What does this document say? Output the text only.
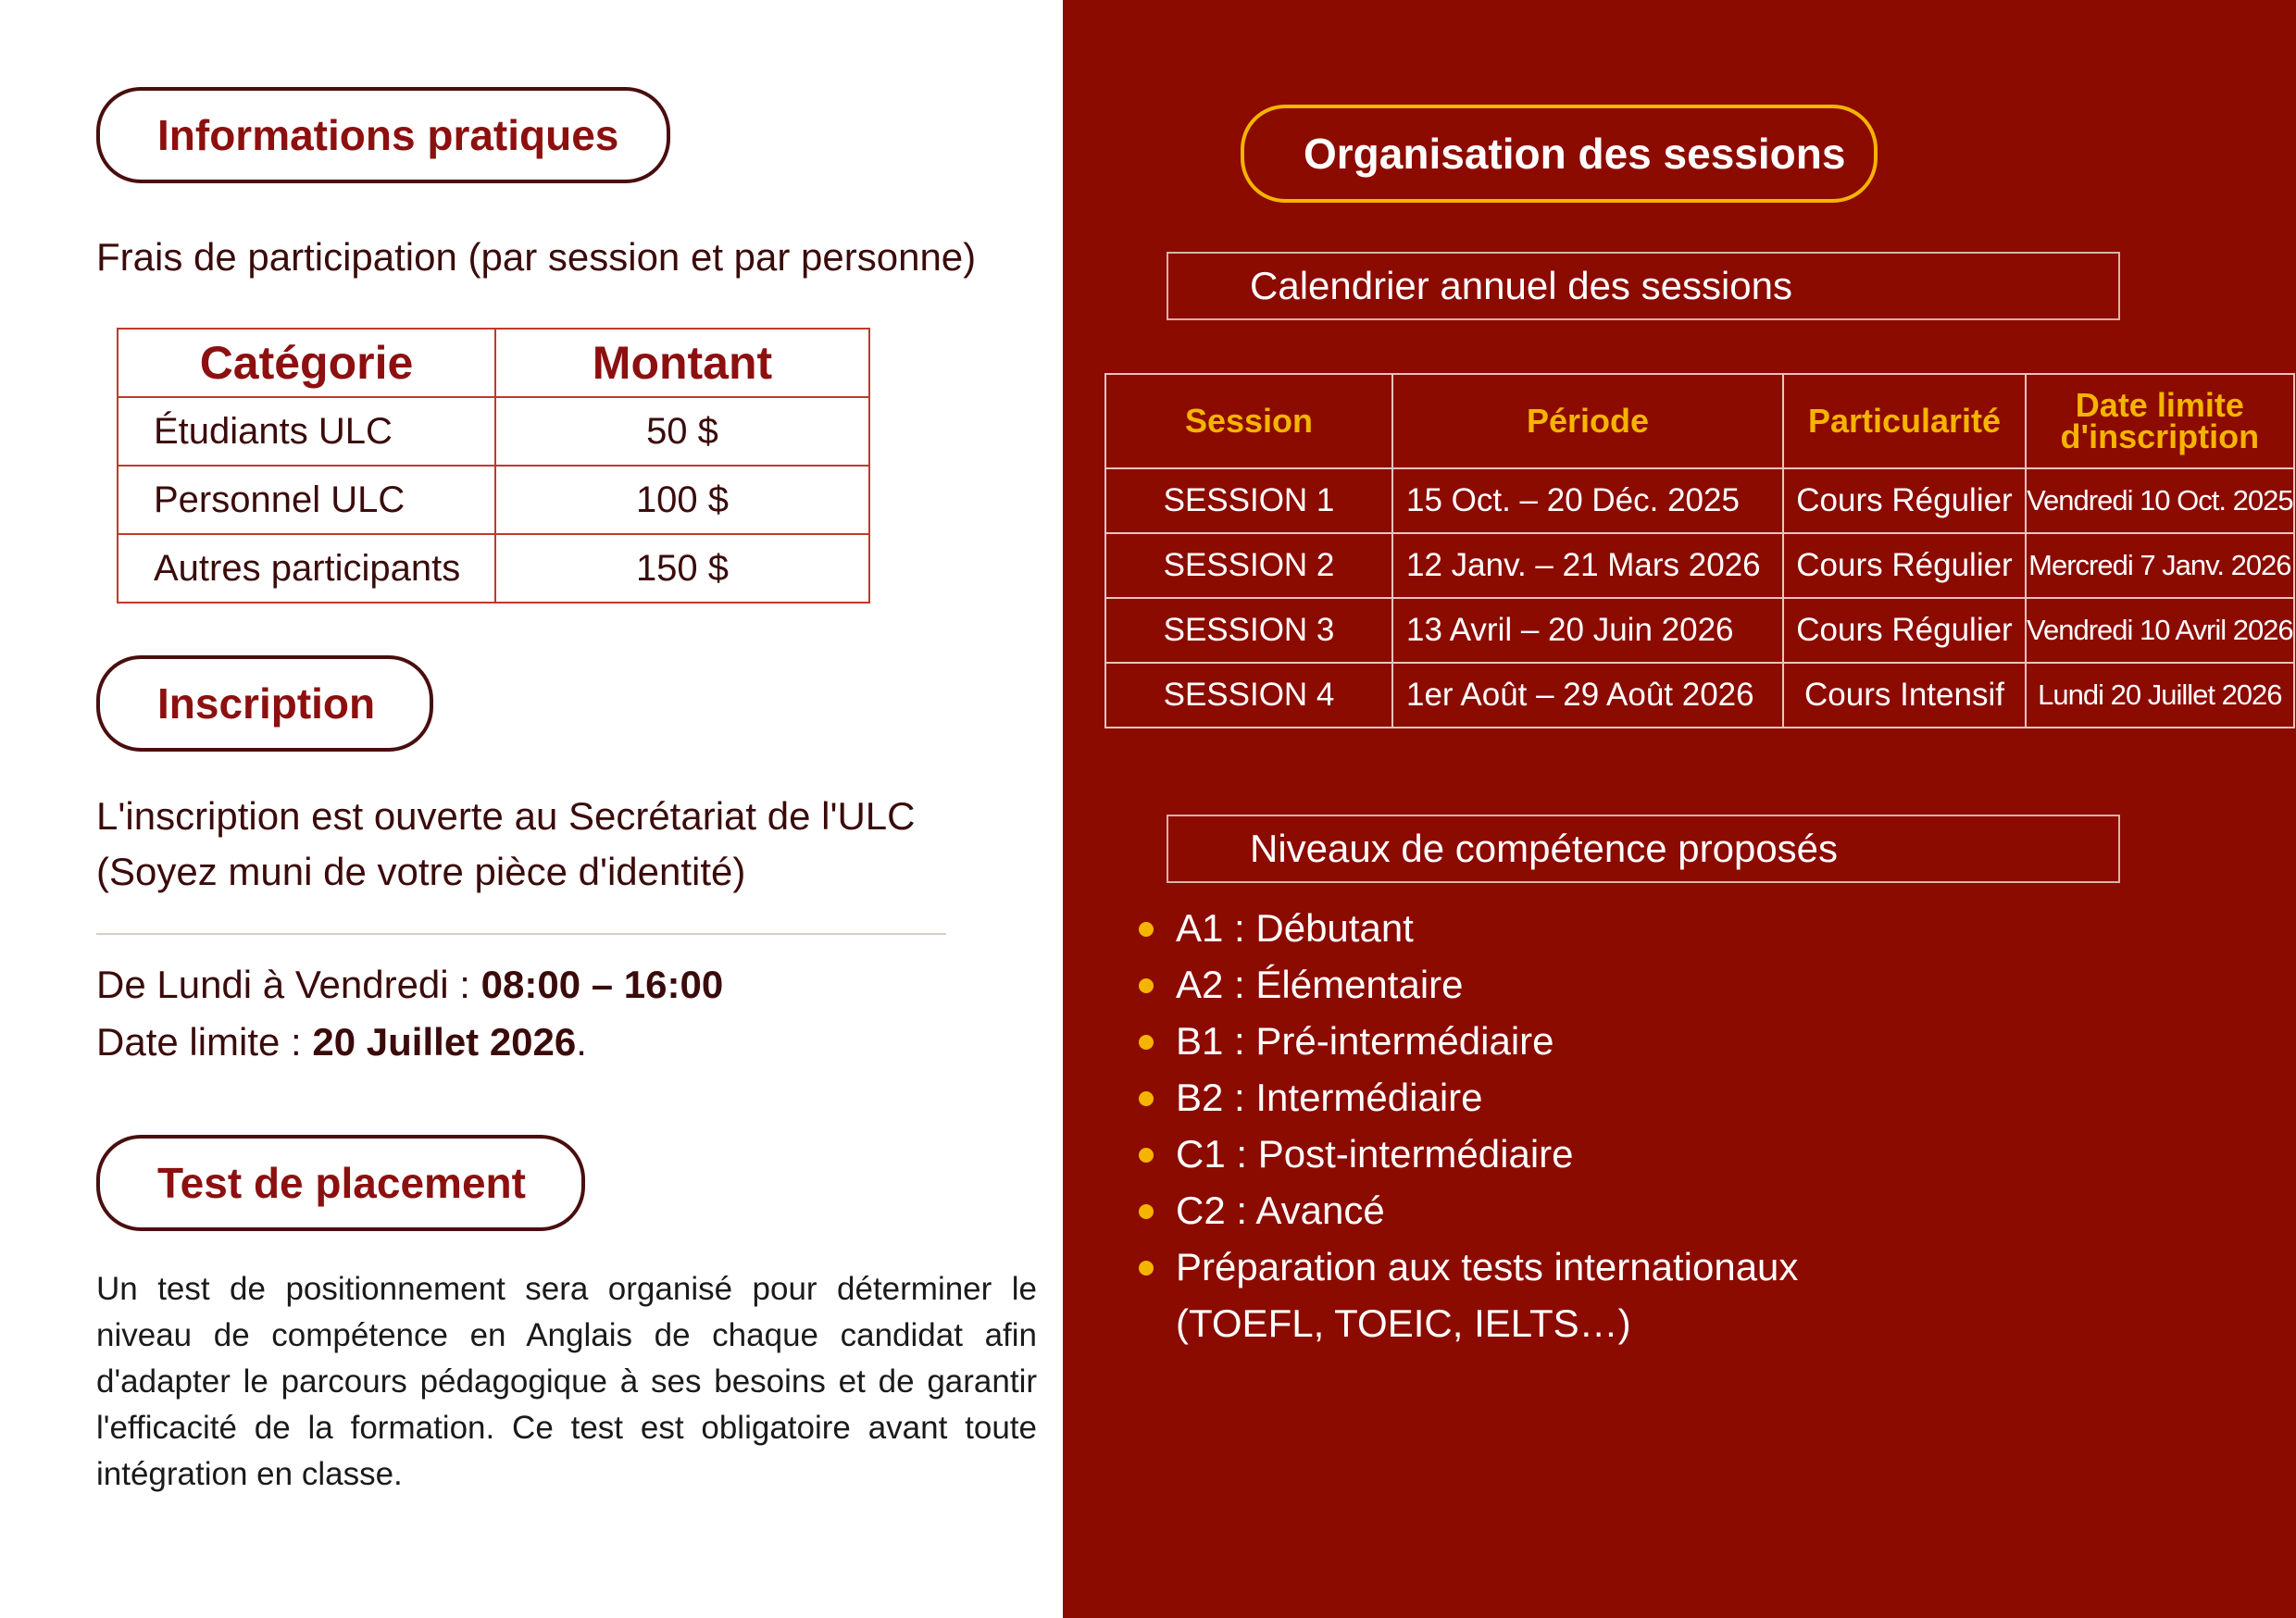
Informations pratiques
Frais de participation (par session et par personne)
Catégorie	Montant
Étudiants ULC	50 $
Personnel ULC	100 $
Autres participants	150 $
Inscription
L'inscription est ouverte au Secrétariat de l'ULC
(Soyez muni de votre pièce d'identité)
De Lundi à Vendredi : 08:00 – 16:00
Date limite : 20 Juillet 2026.
Test de placement
Un test de positionnement sera organisé pour déterminer le niveau de compétence en Anglais de chaque candidat afin d'adapter le parcours pédagogique à ses besoins et de garantir l'efficacité de la formation. Ce test est obligatoire avant toute intégration en classe.
Organisation des sessions
Calendrier annuel des sessions
Session	Période	Particularité	Date limite d'inscription
SESSION 1	15 Oct. – 20 Déc. 2025	Cours Régulier	Vendredi 10 Oct. 2025
SESSION 2	12 Janv. – 21 Mars 2026	Cours Régulier	Mercredi 7 Janv. 2026
SESSION 3	13 Avril – 20 Juin 2026	Cours Régulier	Vendredi 10 Avril 2026
SESSION 4	1er Août – 29 Août 2026	Cours Intensif	Lundi 20 Juillet 2026
Niveaux de compétence proposés
A1 : Débutant
A2 : Élémentaire
B1 : Pré-intermédiaire
B2 : Intermédiaire
C1 : Post-intermédiaire
C2 : Avancé
Préparation aux tests internationaux
(TOEFL, TOEIC, IELTS…)
